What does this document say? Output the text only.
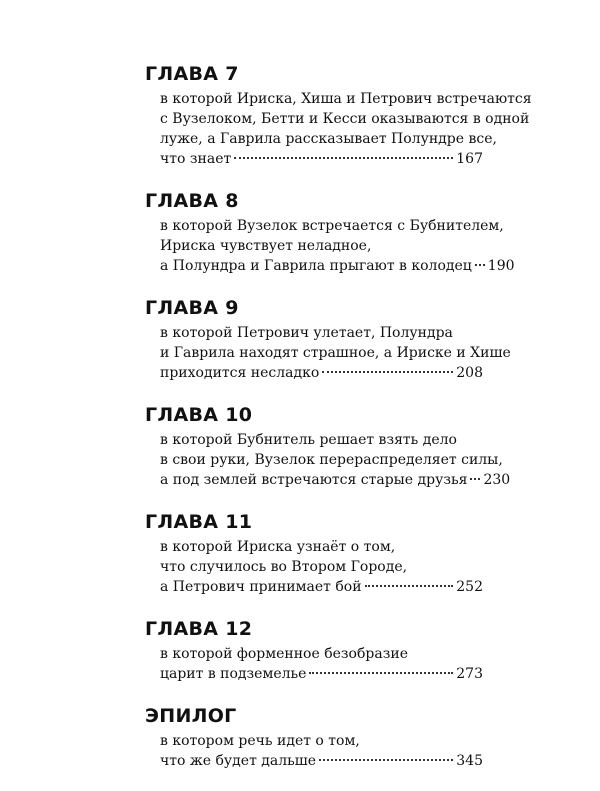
ГЛАВА 7
в которой Ириска, Хиша и Петрович встречаются
с Вузелоком, Бетти и Кесси оказываются в одной
луже, а Гаврила рассказывает Полундре все,
что знает	167
ГЛАВА 8
в которой Вузелок встречается с Бубнителем,
Ириска чувствует неладное,
а Полундра и Гаврила прыгают в колодец 190
ГЛАВА 9
в которой Петрович улетает, Полундра
и Гаврила находят страшное, а Ириске и Хише
приходится несладко	208
ГЛАВА 10
в которой Бубнитель решает взять дело
в свои руки, Вузелок перераспределяет силы,
а под землей встречаются старые друзья 230
ГЛАВА 11
в которой Ириска узнаёт о том,
что случилось во Втором Городе,
а Петрович принимает бой	252
ГЛАВА 12
в которой форменное безобразие
царит в подземелье	273
ЭПИЛОГ
в котором речь идет о том,
что же будет дальше	345
